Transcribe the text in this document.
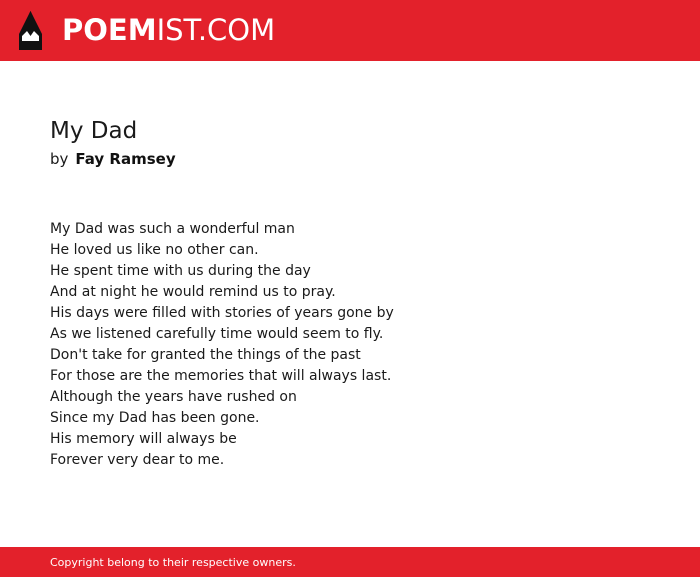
POEMIST.COM
My Dad
by Fay Ramsey
My Dad was such a wonderful man
He loved us like no other can.
He spent time with us during the day
And at night he would remind us to pray.
His days were filled with stories of years gone by
As we listened carefully time would seem to fly.
Don't take for granted the things of the past
For those are the memories that will always last.
Although the years have rushed on
Since my Dad has been gone.
His memory will always be
Forever very dear to me.
Copyright belong to their respective owners.
